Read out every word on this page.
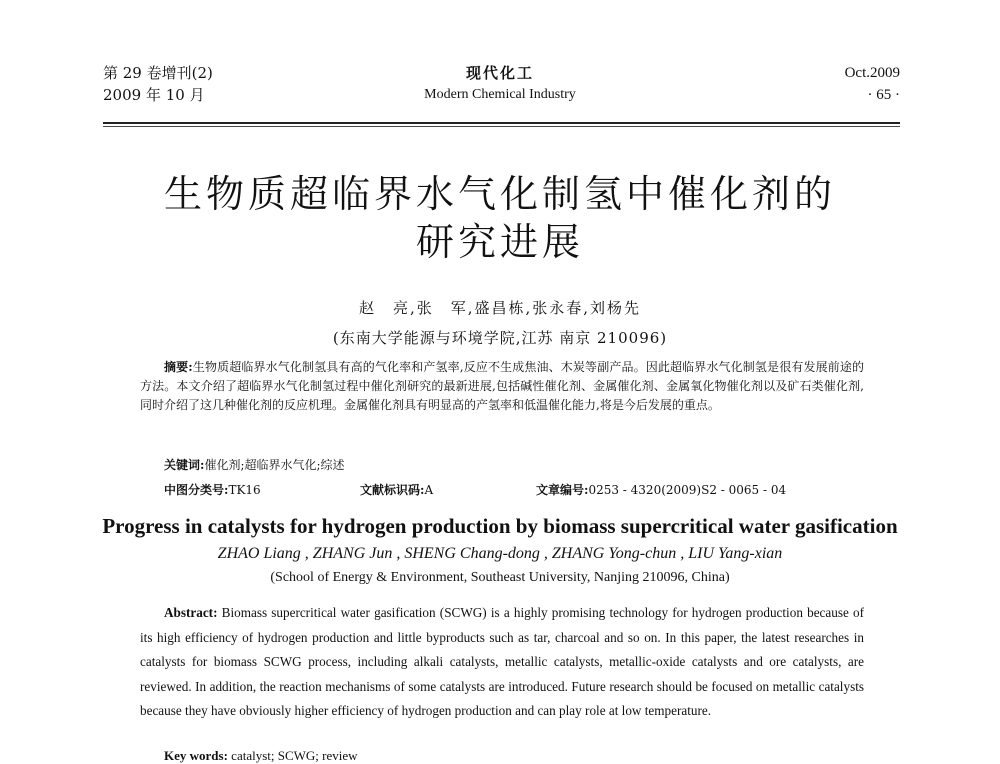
第 29 卷增刊(2)
2009 年 10 月
现代化工
Modern Chemical Industry
Oct.2009
· 65 ·
生物质超临界水气化制氢中催化剂的
研究进展
赵　亮,张　军,盛昌栋,张永春,刘杨先
(东南大学能源与环境学院,江苏 南京 210096)
摘要:生物质超临界水气化制氢具有高的气化率和产氢率,反应不生成焦油、木炭等副产品。因此超临界水气化制氢是很有发展前途的方法。本文介绍了超临界水气化制氢过程中催化剂研究的最新进展,包括碱性催化剂、金属催化剂、金属氧化物催化剂以及矿石类催化剂,同时介绍了这几种催化剂的反应机理。金属催化剂具有明显高的产氢率和低温催化能力,将是今后发展的重点。
关键词:催化剂;超临界水气化;综述
中图分类号:TK16	文献标识码:A	文章编号:0253 - 4320(2009)S2 - 0065 - 04
Progress in catalysts for hydrogen production by biomass supercritical water gasification
ZHAO Liang , ZHANG Jun , SHENG Chang-dong , ZHANG Yong-chun , LIU Yang-xian
(School of Energy & Environment, Southeast University, Nanjing 210096, China)
Abstract: Biomass supercritical water gasification (SCWG) is a highly promising technology for hydrogen production because of its high efficiency of hydrogen production and little byproducts such as tar, charcoal and so on. In this paper, the latest researches in catalysts for biomass SCWG process, including alkali catalysts, metallic catalysts, metallic-oxide catalysts and ore catalysts, are reviewed. In addition, the reaction mechanisms of some catalysts are introduced. Future research should be focused on metallic catalysts because they have obviously higher efficiency of hydrogen production and can play role at low temperature.
Key words: catalyst; SCWG; review
